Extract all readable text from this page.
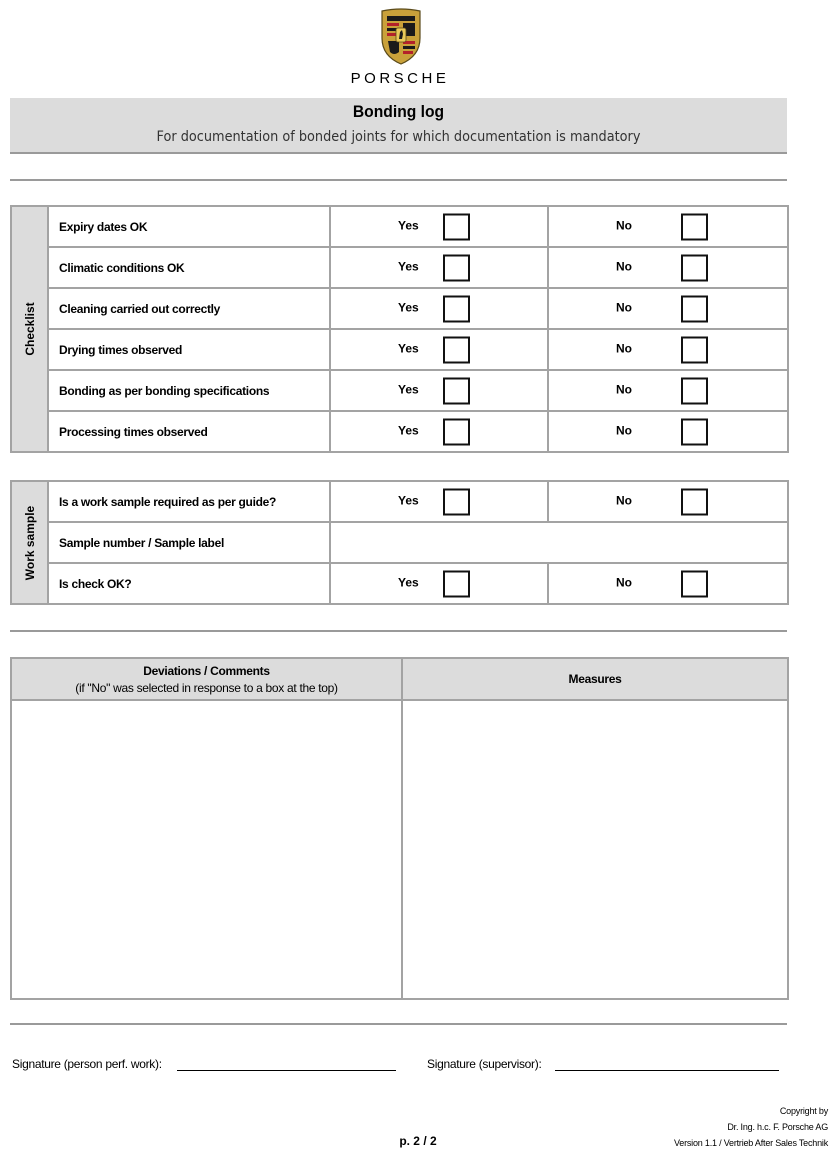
PORSCHE
Bonding log
For documentation of bonded joints for which documentation is mandatory
Checklist	Expiry dates OK	Yes	No

	Climatic conditions OK	Yes	No

	Cleaning carried out correctly	Yes	No

	Drying times observed	Yes	No

	Bonding as per bonding specifications	Yes	No

	Processing times observed	Yes	No
Work sample	Is a work sample required as per guide?	Yes	No

	Sample number / Sample label		
	Is check OK?	Yes	No
Deviations / Comments
(if "No" was selected in response to a box at the top)	Measures

Signature (person perf. work):	Signature (supervisor):
p. 2 / 2
Copyright by
Dr. Ing. h.c. F. Porsche AG
Version 1.1 / Vertrieb After Sales Technik
